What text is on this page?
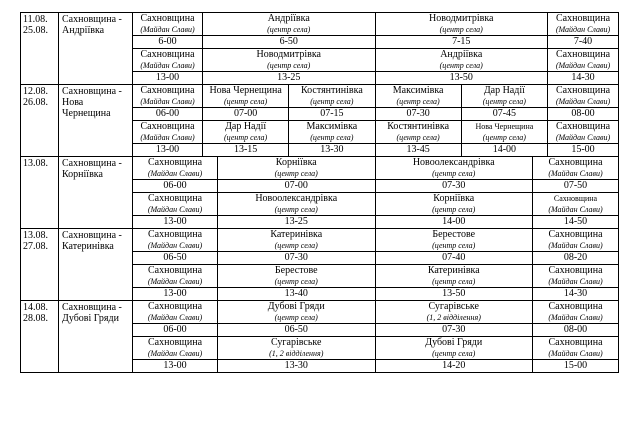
11.08.
25.08.
Сахновщина -
Андріївка
Сахновщина
(Майдан Слави)
6-00
Андріївка
(центр села)
6-50
Новодмитрівка
(центр села)
7-15
Сахновщина
(Майдан Слави)
7-40
Сахновщина
(Майдан Слави)
13-00
Новодмитрівка
(центр села)
13-25
Андріївка
(центр села)
13-50
Сахновщина
(Майдан Слави)
14-30
12.08.
26.08.
Сахновщина -
Нова
Чернещина
Сахновщина
(Майдан Слави)
06-00
Нова Чернещина
(центр села)
07-00
Костянтинівка
(центр села)
07-15
Максимівка
(центр села)
07-30
Дар Надії
(центр села)
07-45
Сахновщина
(Майдан Слави)
08-00
Сахновщина
(Майдан Слави)
13-00
Дар Надії
(центр села)
13-15
Максимівка
(центр села)
13-30
Костянтинівка
(центр села)
13-45
Нова Чернещина
(центр села)
14-00
Сахновщина
(Майдан Слави)
15-00
13.08.	Сахновщина -
Корніївка
Сахновщина
(Майдан Слави)
06-00
Корніївка
(центр села)
07-00
Новоолександрівка
(центр села)
07-30
Сахновщина
(Майдан Слави)
07-50
Сахновщина
(Майдан Слави)
13-00
Новоолександрівка
(центр села)
13-25
Корніївка
(центр села)
14-00
Сахновщина
(Майдан Слави)
14-50
13.08.
27.08.
Сахновщина -
Катеринівка
Сахновщина
(Майдан Слави)
06-50
Катеринівка
(центр села)
07-30
Берестове
(центр села)
07-40
Сахновщина
(Майдан Слави)
08-20
Сахновщина
(Майдан Слави)
13-00
Берестове
(центр села)
13-40
Катеринівка
(центр села)
13-50
Сахновщина
(Майдан Слави)
14-30
14.08.
28.08.
Сахновщина -
Дубові Гряди
Сахновщина
(Майдан Слави)
06-00
Дубові Гряди
(центр села)
06-50
Сугарівське
(1, 2 відділення)
07-30
Сахновщина
(Майдан Слави)
08-00
Сахновщина
(Майдан Слави)
13-00
Сугарівське
(1, 2 відділення)
13-30
Дубові Гряди
(центр села)
14-20
Сахновщина
(Майдан Слави)
15-00
